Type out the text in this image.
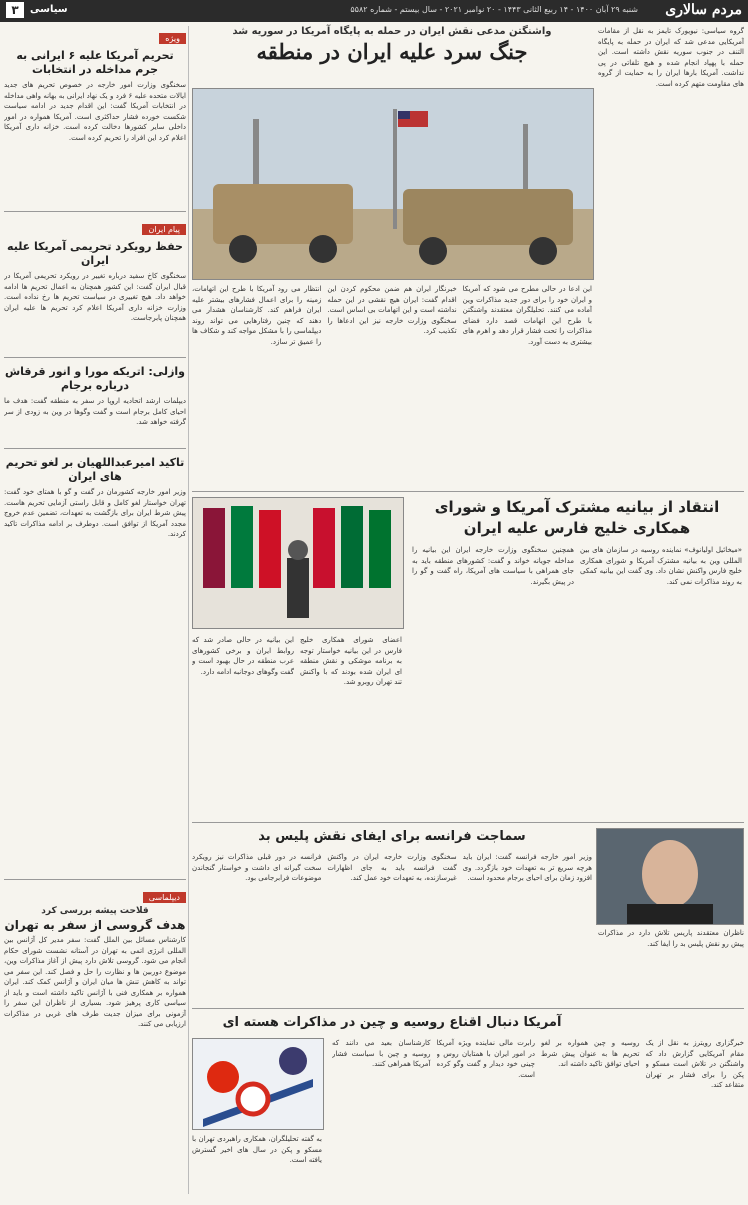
مردم سالاری
شنبه ۲۹ آبان ۱۴۰۰ - ۱۴ ربیع الثانی ۱۴۴۳ - ۲۰ نوامبر ۲۰۲۱ - سال بیستم - شماره ۵۵۸۲
سیاسی
۳
ویژه
تحریم آمریکا علیه ۶ ایرانی به جرم مداخله در انتخابات
سخنگوی وزارت امور خارجه در خصوص تحریم های جدید ایالات متحده علیه ۶ فرد و یک نهاد ایرانی به بهانه واهی مداخله در انتخابات آمریکا گفت: این اقدام جدید در ادامه سیاست شکست خورده فشار حداکثری است. آمریکا همواره در امور داخلی سایر کشورها دخالت کرده است. خزانه داری آمریکا اعلام کرد این افراد را تحریم کرده است.
پیام ایران
حفظ رویکرد تحریمی آمریکا علیه ایران
سخنگوی کاخ سفید درباره تغییر در رویکرد تحریمی آمریکا در قبال ایران گفت: این کشور همچنان به اعمال تحریم ها ادامه خواهد داد. هیچ تغییری در سیاست تحریم ها رخ نداده است. وزارت خزانه داری آمریکا اعلام کرد تحریم ها علیه ایران همچنان پابرجاست.
وازلی: اتریکه مورا و انور قرقاش درباره برجام
دیپلمات ارشد اتحادیه اروپا در سفر به منطقه گفت: هدف ما احیای کامل برجام است و گفت وگوها در وین به زودی از سر گرفته خواهد شد.
تاکید امیرعبداللهیان بر لغو تحریم های ایران
وزیر امور خارجه کشورمان در گفت و گو با همتای خود گفت: تهران خواستار لغو کامل و قابل راستی آزمایی تحریم هاست. پیش شرط ایران برای بازگشت به تعهدات، تضمین عدم خروج مجدد آمریکا از توافق است. دوطرف بر ادامه مذاکرات تاکید کردند.
دیپلماسی
قلاحت پیشه بررسی کرد
هدف گروسی از سفر به تهران
کارشناس مسائل بین الملل گفت: سفر مدیر کل آژانس بین المللی انرژی اتمی به تهران در آستانه نشست شورای حکام انجام می شود. گروسی تلاش دارد پیش از آغاز مذاکرات وین، موضوع دوربین ها و نظارت را حل و فصل کند. این سفر می تواند به کاهش تنش ها میان ایران و آژانس کمک کند. ایران همواره بر همکاری فنی با آژانس تاکید داشته است و باید از سیاسی کاری پرهیز شود. بسیاری از ناظران این سفر را آزمونی برای میزان جدیت طرف های غربی در مذاکرات ارزیابی می کنند.
واشنگتن مدعی نقش ایران در حمله به پایگاه آمریکا در سوریه شد
جنگ سرد علیه ایران در منطقه
گروه سیاسی: نیویورک تایمز به نقل از مقامات آمریکایی مدعی شد که ایران در حمله به پایگاه التنف در جنوب سوریه نقش داشته است. این حمله با پهپاد انجام شده و هیچ تلفاتی در پی نداشت. آمریکا بارها ایران را به حمایت از گروه های مقاومت متهم کرده است.
این ادعا در حالی مطرح می شود که آمریکا و ایران خود را برای دور جدید مذاکرات وین آماده می کنند. تحلیلگران معتقدند واشنگتن با طرح این اتهامات قصد دارد فضای مذاکرات را تحت فشار قرار دهد و اهرم های بیشتری به دست آورد.
خبرنگار ایران هم ضمن محکوم کردن این اقدام گفت: ایران هیچ نقشی در این حمله نداشته است و این اتهامات بی اساس است. سخنگوی وزارت خارجه نیز این ادعاها را تکذیب کرد.
انتظار می رود آمریکا با طرح این اتهامات، زمینه را برای اعمال فشارهای بیشتر علیه ایران فراهم کند. کارشناسان هشدار می دهند که چنین رفتارهایی می تواند روند دیپلماسی را با مشکل مواجه کند و شکاف ها را عمیق تر سازد.
انتقاد از بیانیه مشترک آمریکا و شورای همکاری خلیج فارس علیه ایران
«میخائیل اولیانوف» نماینده روسیه در سازمان های بین المللی وین به بیانیه مشترک آمریکا و شورای همکاری خلیج فارس واکنش نشان داد. وی گفت این بیانیه کمکی به روند مذاکرات نمی کند.
همچنین سخنگوی وزارت خارجه ایران این بیانیه را مداخله جویانه خواند و گفت: کشورهای منطقه باید به جای همراهی با سیاست های آمریکا، راه گفت و گو را در پیش بگیرند.
اعضای شورای همکاری خلیج فارس در این بیانیه خواستار توجه به برنامه موشکی و نقش منطقه ای ایران شده بودند که با واکنش تند تهران روبرو شد.
این بیانیه در حالی صادر شد که روابط ایران و برخی کشورهای عرب منطقه در حال بهبود است و گفت وگوهای دوجانبه ادامه دارد.
سماجت فرانسه برای ایفای نقش پلیس بد
وزیر امور خارجه فرانسه گفت: ایران باید هرچه سریع تر به تعهدات خود بازگردد. وی افزود زمان برای احیای برجام محدود است.
سخنگوی وزارت خارجه ایران در واکنش گفت فرانسه باید به جای اظهارات غیرسازنده، به تعهدات خود عمل کند.
فرانسه در دور قبلی مذاکرات نیز رویکرد سخت گیرانه ای داشت و خواستار گنجاندن موضوعات فرابرجامی بود.
ناظران معتقدند پاریس تلاش دارد در مذاکرات پیش رو نقش پلیس بد را ایفا کند.
آمریکا دنبال اقناع روسیه و چین در مذاکرات هسته ای
خبرگزاری رویترز به نقل از یک مقام آمریکایی گزارش داد که واشنگتن در تلاش است مسکو و پکن را برای فشار بر تهران متقاعد کند.
روسیه و چین همواره بر لغو تحریم ها به عنوان پیش شرط احیای توافق تاکید داشته اند.
رابرت مالی نماینده ویژه آمریکا در امور ایران با همتایان روس و چینی خود دیدار و گفت وگو کرده است.
کارشناسان بعید می دانند که روسیه و چین با سیاست فشار آمریکا همراهی کنند.
به گفته تحلیلگران، همکاری راهبردی تهران با مسکو و پکن در سال های اخیر گسترش یافته است.
